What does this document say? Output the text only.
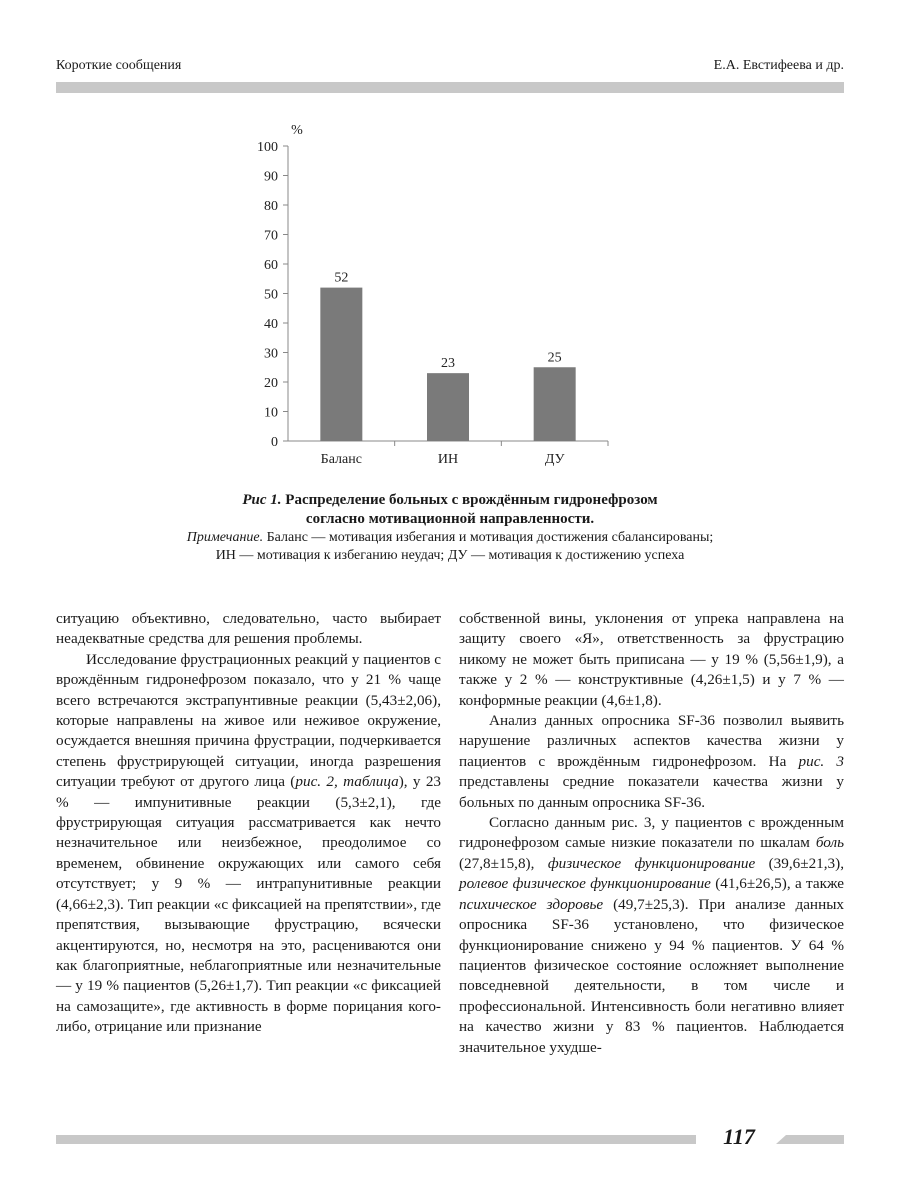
Короткие сообщения	Е.А. Евстифеева и др.
%
0
10
20
30
40
50
60
70
80
90
100
52
Баланс
23
ИН
25
ДУ
Рис 1. Распределение больных с врождённым гидронефрозом
согласно мотивационной направленности.
Примечание. Баланс — мотивация избегания и мотивация достижения сбалансированы;
ИН — мотивация к избеганию неудач; ДУ — мотивация к достижению успеха

ситуацию объективно, следовательно, часто выбирает неадекватные средства для решения проблемы.

Исследование фрустрационных реакций у пациентов с врождённым гидронефрозом показало, что у 21 % чаще всего встречаются экстрапунтивные реакции (5,43±2,06), которые направлены на живое или неживое окружение, осуждается внешняя причина фрустрации, подчеркивается степень фрустрирующей ситуации, иногда разрешения ситуации требуют от другого лица (рис. 2, таблица), у 23 % — импунитивные реакции (5,3±2,1), где фрустрирующая ситуация рассматривается как нечто незначительное или неизбежное, преодолимое со временем, обвинение окружающих или самого себя отсутствует; у 9 % — интрапунитивные реакции (4,66±2,3). Тип реакции «с фиксацией на препятствии», где препятствия, вызывающие фрустрацию, всячески акцентируются, но, несмотря на это, расцениваются они как благоприятные, неблагоприятные или незначительные — у 19 % пациентов (5,26±1,7). Тип реакции «с фиксацией на самозащите», где активность в форме порицания кого-либо, отрицание или признание

собственной вины, уклонения от упрека направлена на защиту своего «Я», ответственность за фрустрацию никому не может быть приписана — у 19 % (5,56±1,9), а также у 2 % — конструктивные (4,26±1,5) и у 7 % — конформные реакции (4,6±1,8).

Анализ данных опросника SF-36 позволил выявить нарушение различных аспектов качества жизни у пациентов с врождённым гидронефрозом. На рис. 3 представлены средние показатели качества жизни у больных по данным опросника SF-36.

Согласно данным рис. 3, у пациентов с врожденным гидронефрозом самые низкие показатели по шкалам боль (27,8±15,8), физическое функционирование (39,6±21,3), ролевое физическое функционирование (41,6±26,5), а также психическое здоровье (49,7±25,3). При анализе данных опросника SF-36 установлено, что физическое функционирование снижено у 94 % пациентов. У 64 % пациентов физическое состояние осложняет выполнение повседневной деятельности, в том числе и профессиональной. Интенсивность боли негативно влияет на качество жизни у 83 % пациентов. Наблюдается значительное ухудше-

117
